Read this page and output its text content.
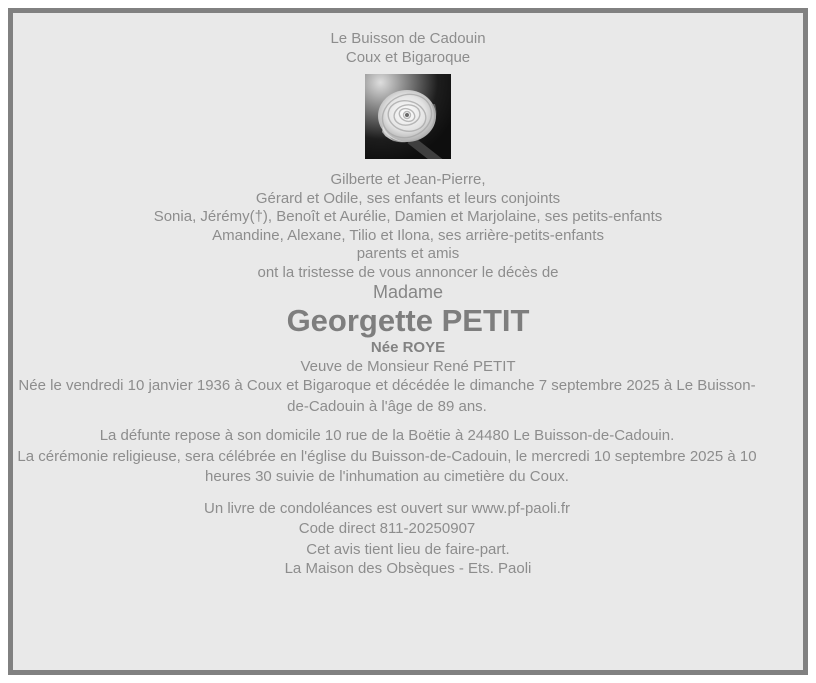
Le Buisson de Cadouin

Coux et Bigaroque

Gilberte et Jean-Pierre,

Gérard et Odile, ses enfants et leurs conjoints

Sonia, Jérémy(†), Benoît et Aurélie, Damien et Marjolaine, ses petits-enfants

Amandine, Alexane, Tilio et Ilona, ses arrière-petits-enfants

parents et amis

ont la tristesse de vous annoncer le décès de

Madame

Georgette PETIT

Née ROYE

Veuve de Monsieur René PETIT

Née le vendredi 10 janvier 1936 à Coux et Bigaroque et décédée le dimanche 7 septembre 2025 à Le Buisson-de-Cadouin à l'âge de 89 ans.

La défunte repose à son domicile 10 rue de la Boëtie à 24480 Le Buisson-de-Cadouin.

La cérémonie religieuse, sera célébrée en l'église du Buisson-de-Cadouin, le mercredi 10 septembre 2025 à 10 heures 30 suivie de l'inhumation au cimetière du Coux.

Un livre de condoléances est ouvert sur www.pf-paoli.fr

Code direct 811-20250907

Cet avis tient lieu de faire-part.

La Maison des Obsèques - Ets. Paoli
